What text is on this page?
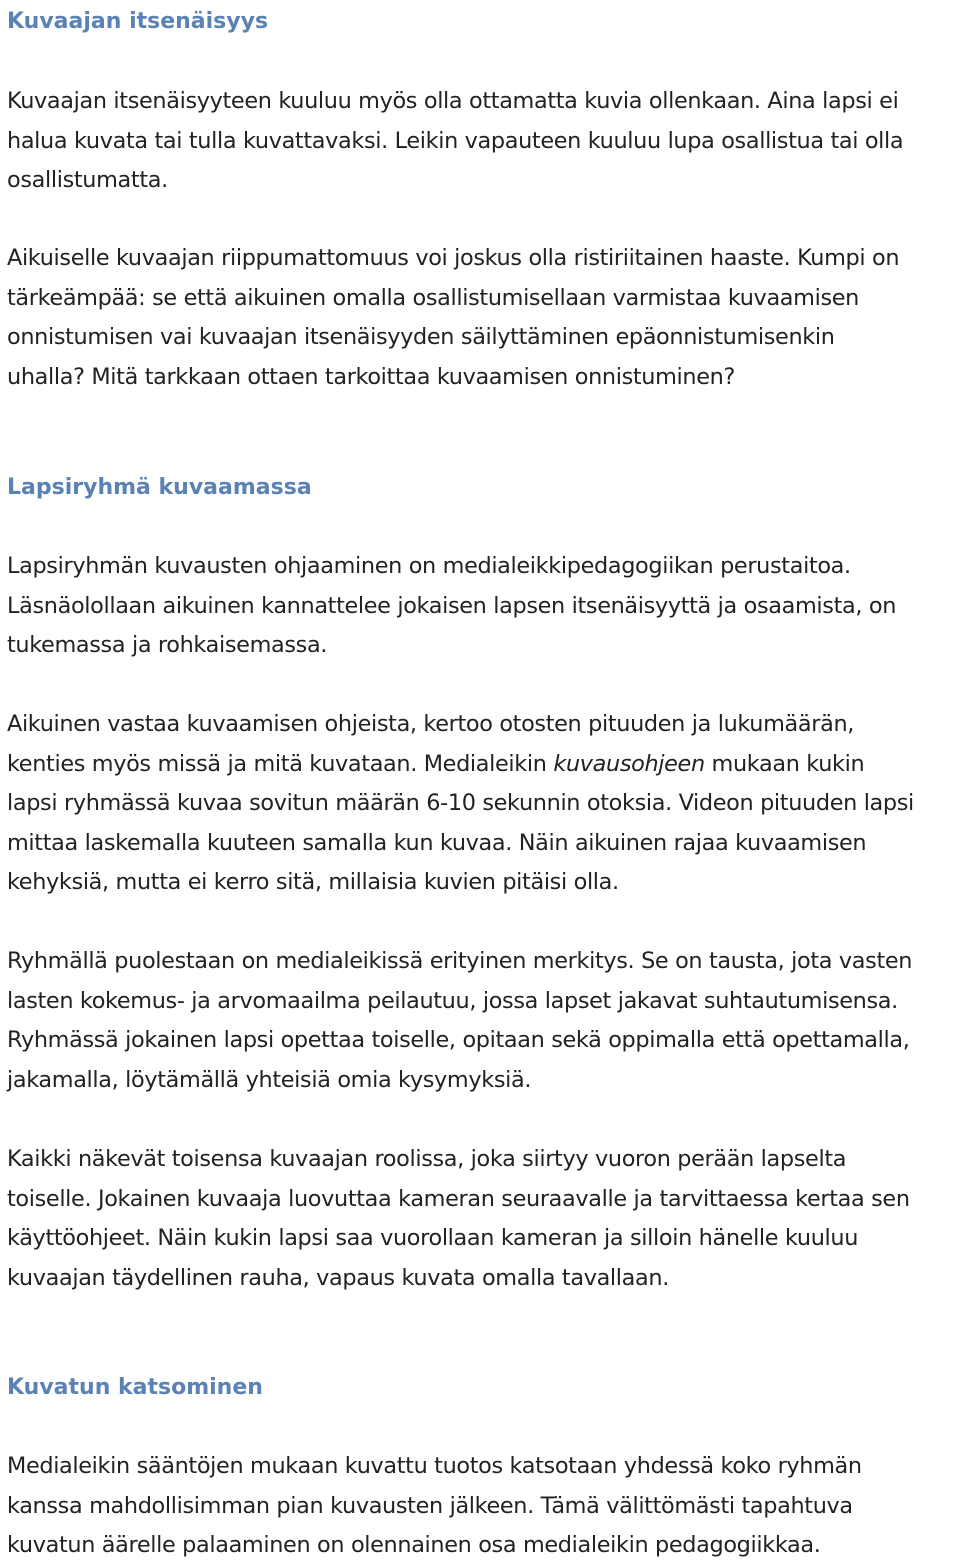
Kuvaajan itsenäisyys
Kuvaajan itsenäisyyteen kuuluu myös olla ottamatta kuvia ollenkaan. Aina lapsi ei
halua kuvata tai tulla kuvattavaksi. Leikin vapauteen kuuluu lupa osallistua tai olla
osallistumatta.
Aikuiselle kuvaajan riippumattomuus voi joskus olla ristiriitainen haaste. Kumpi on
tärkeämpää: se että aikuinen omalla osallistumisellaan varmistaa kuvaamisen
onnistumisen vai kuvaajan itsenäisyyden säilyttäminen epäonnistumisenkin
uhalla? Mitä tarkkaan ottaen tarkoittaa kuvaamisen onnistuminen?
Lapsiryhmä kuvaamassa
Lapsiryhmän kuvausten ohjaaminen on medialeikkipedagogiikan perustaitoa.
Läsnäolollaan aikuinen kannattelee jokaisen lapsen itsenäisyyttä ja osaamista, on
tukemassa ja rohkaisemassa.
Aikuinen vastaa kuvaamisen ohjeista, kertoo otosten pituuden ja lukumäärän,
kenties myös missä ja mitä kuvataan. Medialeikin kuvausohjeen mukaan kukin
lapsi ryhmässä kuvaa sovitun määrän 6-10 sekunnin otoksia. Videon pituuden lapsi
mittaa laskemalla kuuteen samalla kun kuvaa. Näin aikuinen rajaa kuvaamisen
kehyksiä, mutta ei kerro sitä, millaisia kuvien pitäisi olla.
Ryhmällä puolestaan on medialeikissä erityinen merkitys. Se on tausta, jota vasten
lasten kokemus- ja arvomaailma peilautuu, jossa lapset jakavat suhtautumisensa.
Ryhmässä jokainen lapsi opettaa toiselle, opitaan sekä oppimalla että opettamalla,
jakamalla, löytämällä yhteisiä omia kysymyksiä.
Kaikki näkevät toisensa kuvaajan roolissa, joka siirtyy vuoron perään lapselta
toiselle. Jokainen kuvaaja luovuttaa kameran seuraavalle ja tarvittaessa kertaa sen
käyttöohjeet. Näin kukin lapsi saa vuorollaan kameran ja silloin hänelle kuuluu
kuvaajan täydellinen rauha, vapaus kuvata omalla tavallaan.
Kuvatun katsominen
Medialeikin sääntöjen mukaan kuvattu tuotos katsotaan yhdessä koko ryhmän
kanssa mahdollisimman pian kuvausten jälkeen. Tämä välittömästi tapahtuva
kuvatun äärelle palaaminen on olennainen osa medialeikin pedagogiikkaa.
